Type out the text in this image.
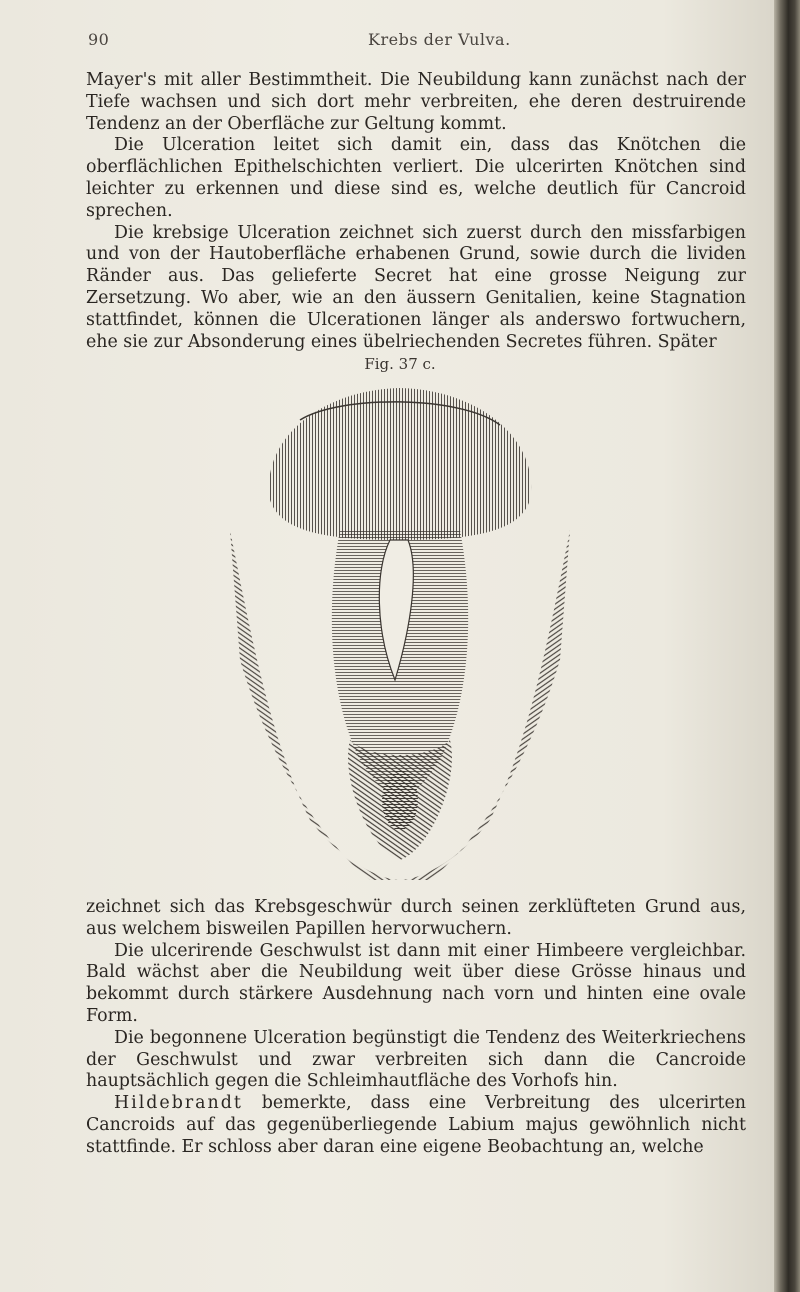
90	Krebs der Vulva.

Mayer's mit aller Bestimmtheit. Die Neubildung kann zunächst nach der Tiefe wachsen und sich dort mehr verbreiten, ehe deren destruirende Tendenz an der Oberfläche zur Geltung kommt.

Die Ulceration leitet sich damit ein, dass das Knötchen die oberflächlichen Epithelschichten verliert. Die ulcerirten Knötchen sind leichter zu erkennen und diese sind es, welche deutlich für Cancroid sprechen.

Die krebsige Ulceration zeichnet sich zuerst durch den missfarbigen und von der Hautoberfläche erhabenen Grund, sowie durch die lividen Ränder aus. Das gelieferte Secret hat eine grosse Neigung zur Zersetzung. Wo aber, wie an den äussern Genitalien, keine Stagnation stattfindet, können die Ulcerationen länger als anderswo fortwuchern, ehe sie zur Absonderung eines übelriechenden Secretes führen. Später

Fig. 37 c.

zeichnet sich das Krebsgeschwür durch seinen zerklüfteten Grund aus, aus welchem bisweilen Papillen hervorwuchern.

Die ulcerirende Geschwulst ist dann mit einer Himbeere vergleichbar. Bald wächst aber die Neubildung weit über diese Grösse hinaus und bekommt durch stärkere Ausdehnung nach vorn und hinten eine ovale Form.

Die begonnene Ulceration begünstigt die Tendenz des Weiterkriechens der Geschwulst und zwar verbreiten sich dann die Cancroide hauptsächlich gegen die Schleimhautfläche des Vorhofs hin.

Hildebrandt bemerkte, dass eine Verbreitung des ulcerirten Cancroids auf das gegenüberliegende Labium majus gewöhnlich nicht stattfinde. Er schloss aber daran eine eigene Beobachtung an, welche
